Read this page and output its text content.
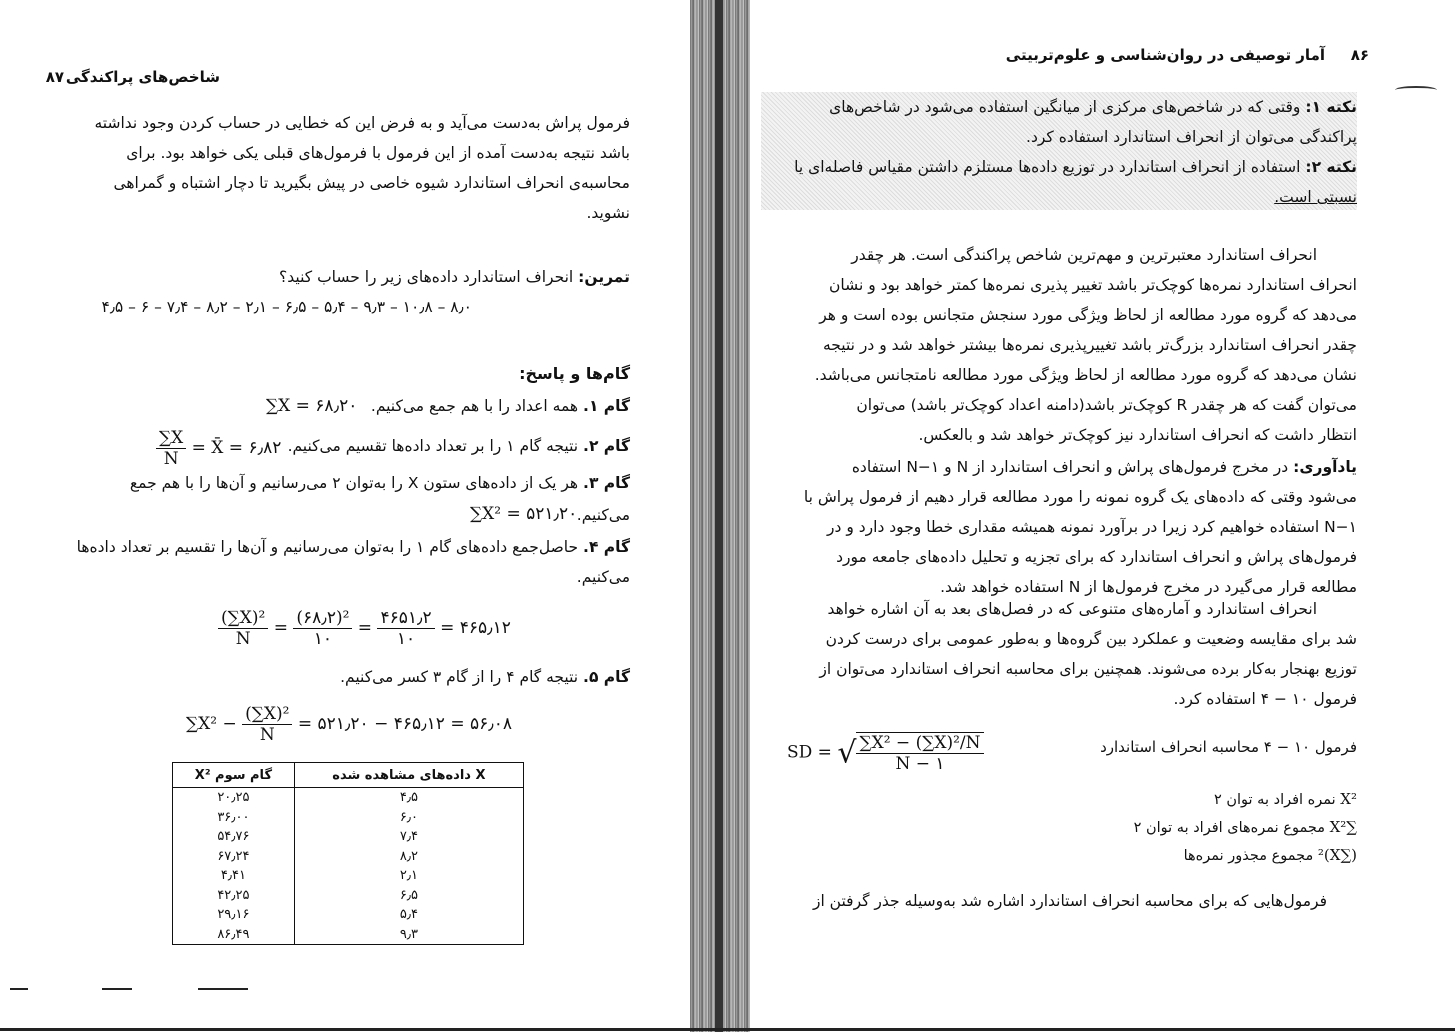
شاخص‌های پراکندگی
۸۷

فرمول پراش به‌دست می‌آید و به فرض این که خطایی در حساب کردن وجود نداشته

باشد نتیجه به‌دست آمده از این فرمول با فرمول‌های قبلی یکی خواهد بود. برای

محاسبه‌ی انحراف استاندارد شیوه خاصی در پیش بگیرید تا دچار اشتباه و گمراهی

نشوید.

تمرین: انحراف استاندارد داده‌های زیر را حساب کنید؟
۴٫۵ – ۶ – ۷٫۴ – ۸٫۲ – ۲٫۱ – ۶٫۵ – ۵٫۴ – ۹٫۳ – ۱۰٫۸ – ۸٫۰
گام‌ها و پاسخ:
گام ۱. همه اعداد را با هم جمع می‌کنیم.
∑X = ۶۸٫۲۰
گام ۲. نتیجه گام ۱ را بر تعداد داده‌ها تقسیم می‌کنیم.
$\frac{\sum X}{N}$ = X̄ = ۶٫۸۲
گام ۳. هر یک از داده‌های ستون X را به‌توان ۲ می‌رسانیم و آن‌ها را با هم جمع
می‌کنیم.
∑X² = ۵۲۱٫۲۰
گام ۴. حاصل‌جمع داده‌های گام ۱ را به‌توان می‌رسانیم و آن‌ها را تقسیم بر تعداد داده‌ها
می‌کنیم.
$\frac{\text{(∑X)²}}{N} = \frac{\text{(۶۸٫۲)²}}{۱۰} = \frac{۴۶۵۱٫۲}{۱۰}$ = ۴۶۵٫۱۲
گام ۵. نتیجه گام ۴ را از گام ۳ کسر می‌کنیم.
$\sum X^2 - \frac{\text{(∑X)²}}{N}$ = ۵۲۱٫۲۰ − ۴۶۵٫۱۲ = ۵۶٫۰۸
X داده‌های مشاهده شده	گام سوم X²
۴٫۵	۲۰٫۲۵
۶٫۰	۳۶٫۰۰
۷٫۴	۵۴٫۷۶
۸٫۲	۶۷٫۲۴
۲٫۱	۴٫۴۱
۶٫۵	۴۲٫۲۵
۵٫۴	۲۹٫۱۶
۹٫۳	۸۶٫۴۹
۸۶
آمار توصیفی در روان‌شناسی و علوم‌تربیتی

نکته ۱: وقتی که در شاخص‌های مرکزی از میانگین استفاده می‌شود در شاخص‌های

پراکندگی می‌توان از انحراف استاندارد استفاده کرد.

نکته ۲: استفاده از انحراف استاندارد در توزیع داده‌ها مستلزم داشتن مقیاس فاصله‌ای یا

نسبتی است.

انحراف استاندارد معتبرترین و مهم‌ترین شاخص پراکندگی است. هر چقدر

انحراف استاندارد نمره‌ها کوچک‌تر باشد تغییر پذیری نمره‌ها کمتر خواهد بود و نشان

می‌دهد که گروه مورد مطالعه از لحاظ ویژگی مورد سنجش متجانس بوده است و هر

چقدر انحراف استاندارد بزرگ‌تر باشد تغییرپذیری نمره‌ها بیشتر خواهد شد و در نتیجه

نشان می‌دهد که گروه مورد مطالعه از لحاظ ویژگی مورد مطالعه نامتجانس می‌باشد.

می‌توان گفت که هر چقدر R کوچک‌تر باشد(دامنه اعداد کوچک‌تر باشد) می‌توان

انتظار داشت که انحراف استاندارد نیز کوچک‌تر خواهد شد و بالعکس.

یادآوری: در مخرج فرمول‌های پراش و انحراف استاندارد از N و N−۱ استفاده

می‌شود وقتی که داده‌های یک گروه نمونه را مورد مطالعه قرار دهیم از فرمول پراش با

N−۱ استفاده خواهیم کرد زیرا در برآورد نمونه همیشه مقداری خطا وجود دارد و در

فرمول‌های پراش و انحراف استاندارد که برای تجزیه و تحلیل داده‌های جامعه مورد

مطالعه قرار می‌گیرد در مخرج فرمول‌ها از N استفاده خواهد شد.

انحراف استاندارد و آماره‌های متنوعی که در فصل‌های بعد به آن اشاره خواهد

شد برای مقایسه وضعیت و عملکرد بین گروه‌ها و به‌طور عمومی برای درست کردن

توزیع بهنجار به‌کار برده می‌شوند. همچنین برای محاسبه انحراف استاندارد می‌توان از

فرمول ۱۰ − ۴ استفاده کرد.

فرمول ۱۰ − ۴ محاسبه انحراف استاندارد
SD = √ $\frac{\text{∑X² − (∑X)²/N}}{N - ۱}$
X² نمره افراد به توان ۲
∑X² مجموع نمره‌های افراد به توان ۲
(∑X)² مجموع مجذور نمره‌ها
فرمول‌هایی که برای محاسبه انحراف استاندارد اشاره شد به‌وسیله جذر گرفتن از
